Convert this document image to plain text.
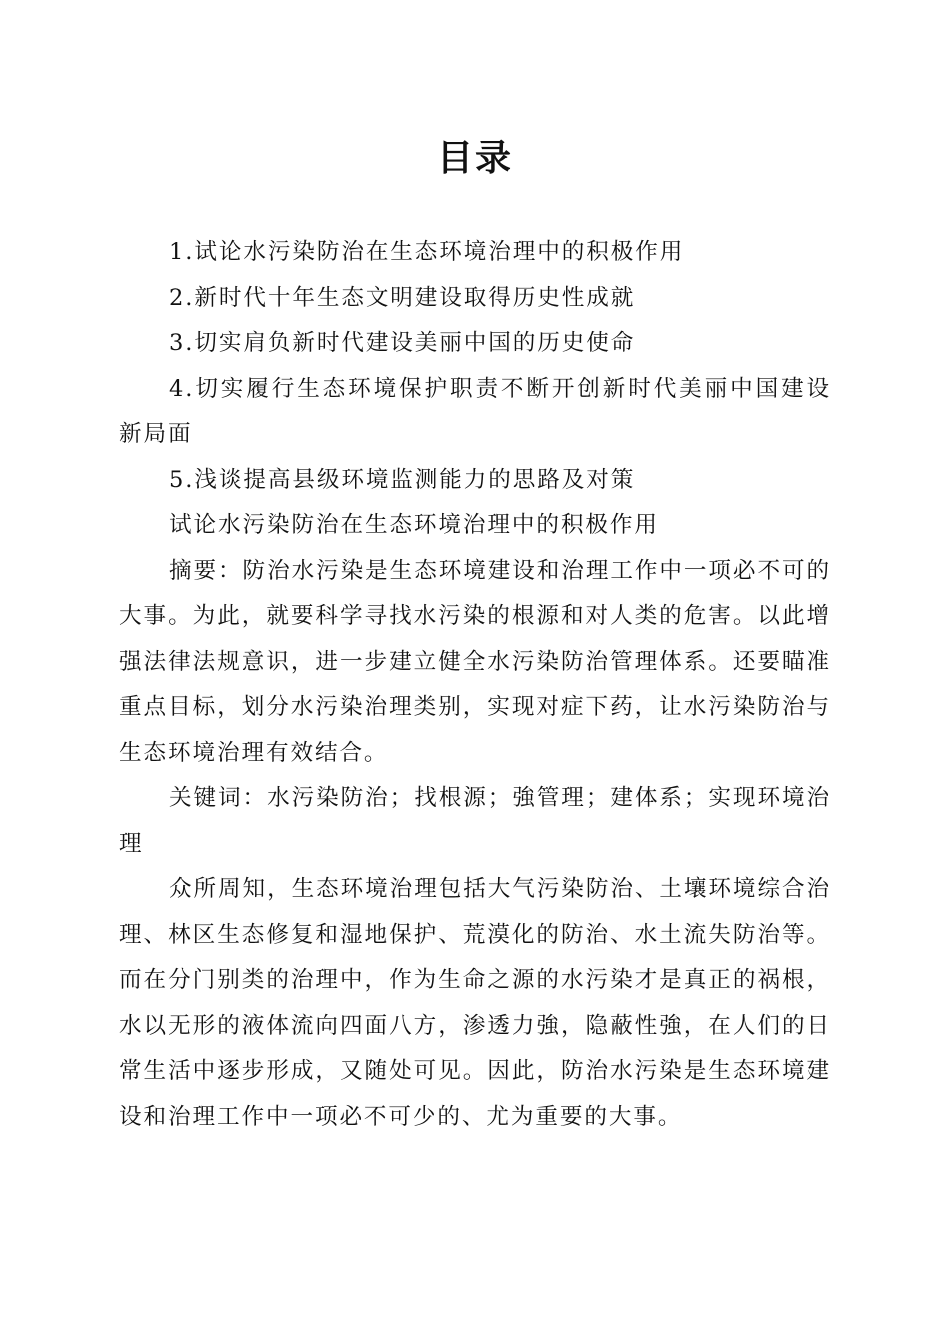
目录

1.试论水污染防治在生态环境治理中的积极作用

2.新时代十年生态文明建设取得历史性成就

3.切实肩负新时代建设美丽中国的历史使命

4.切实履行生态环境保护职责不断开创新时代美丽中国建设新局面

5.浅谈提高县级环境监测能力的思路及对策

试论水污染防治在生态环境治理中的积极作用

摘要：防治水污染是生态环境建设和治理工作中一项必不可的大事。为此，就要科学寻找水污染的根源和对人类的危害。以此增强法律法规意识，进一步建立健全水污染防治管理体系。还要瞄准重点目标，划分水污染治理类别，实现对症下药，让水污染防治与生态环境治理有效结合。

关键词：水污染防治；找根源；強管理；建体系；实现环境治理

众所周知，生态环境治理包括大气污染防治、土壤环境综合治理、林区生态修复和湿地保护、荒漠化的防治、水土流失防治等。而在分门别类的治理中，作为生命之源的水污染才是真正的祸根，水以无形的液体流向四面八方，渗透力強，隐蔽性強，在人们的日常生活中逐步形成，又随处可见。因此，防治水污染是生态环境建设和治理工作中一项必不可少的、尤为重要的大事。
